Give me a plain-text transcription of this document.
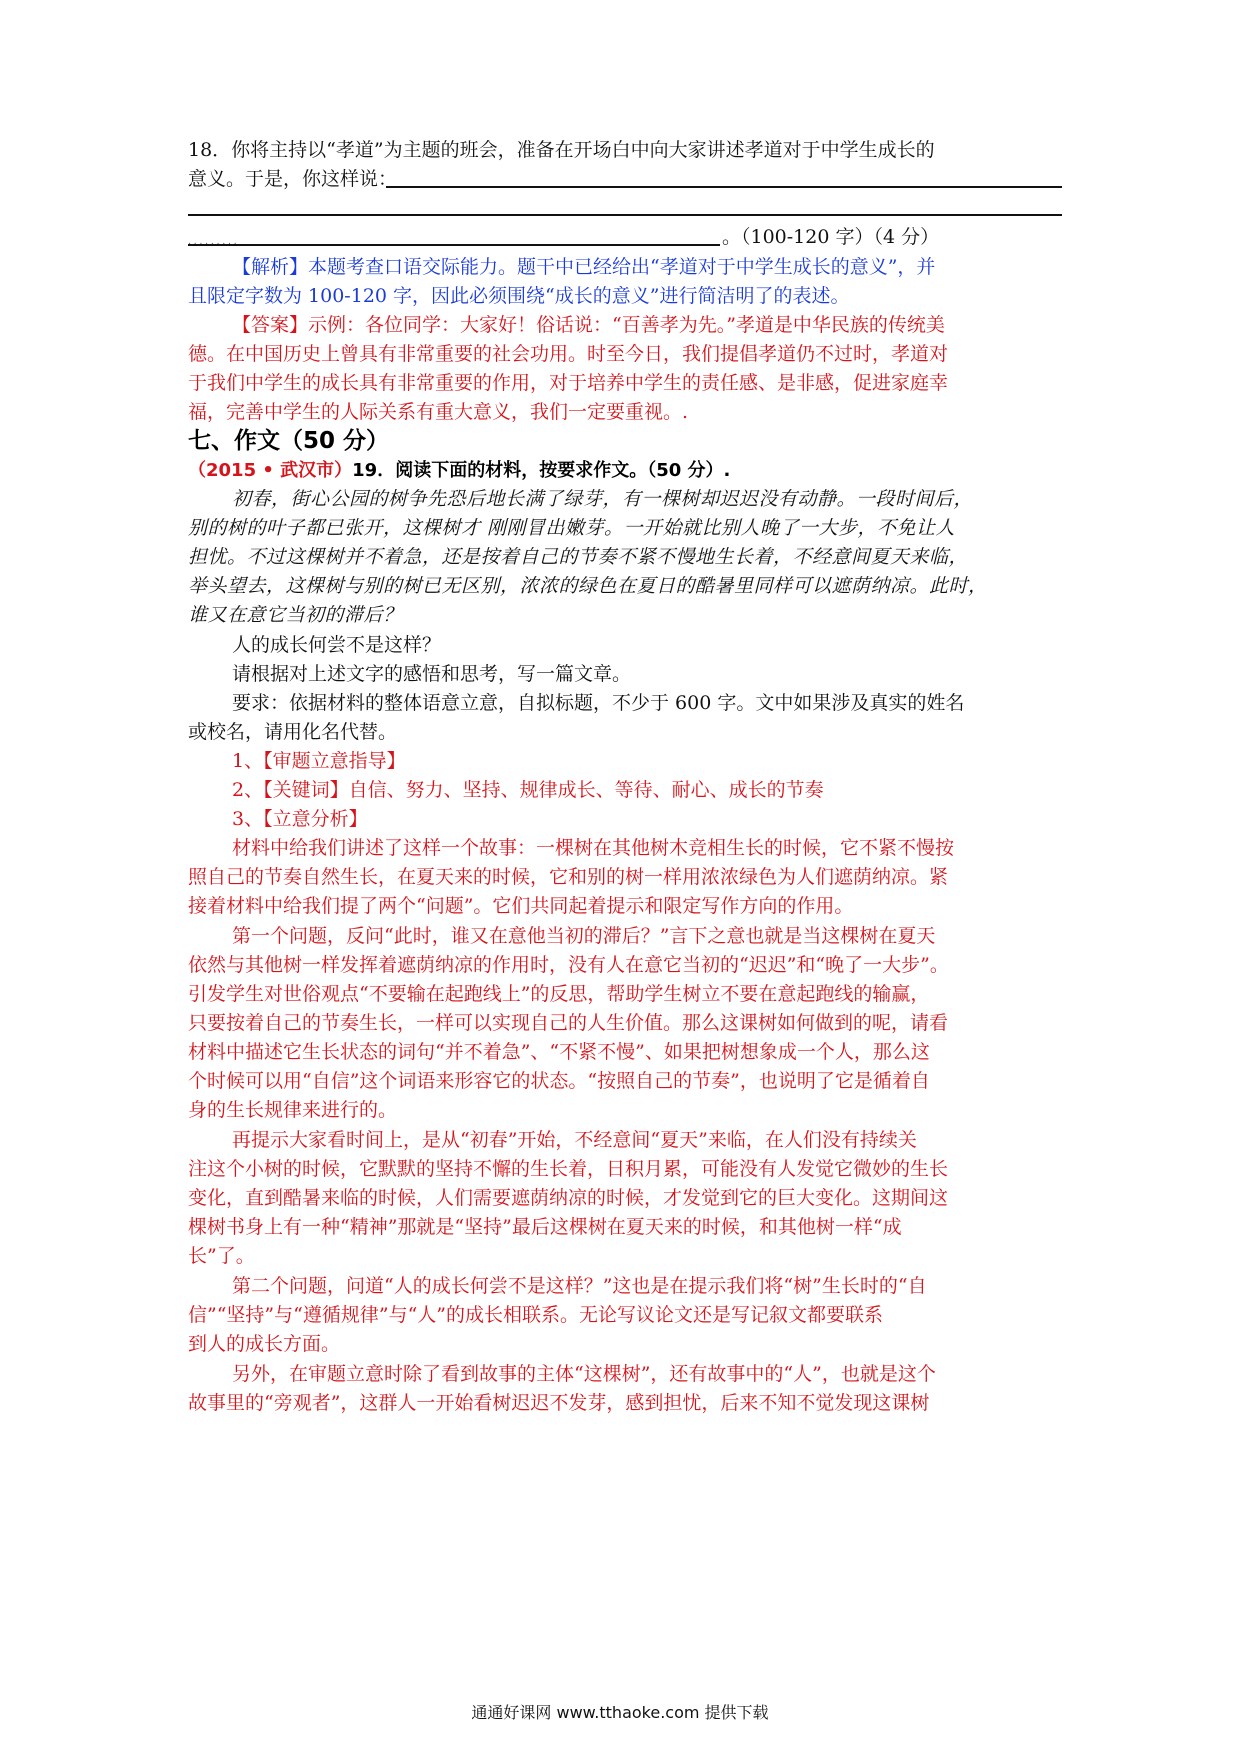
18．你将主持以“孝道”为主题的班会，准备在开场白中向大家讲述孝道对于中学生成长的
意义。于是，你这样说：
. . . . . . . . .	。（100-120 字）（4 分）
【解析】本题考查口语交际能力。题干中已经给出“孝道对于中学生成长的意义”，并
且限定字数为 100-120 字，因此必须围绕“成长的意义”进行简洁明了的表述。
【答案】示例：各位同学：大家好！俗话说：“百善孝为先。”孝道是中华民族的传统美
德。在中国历史上曾具有非常重要的社会功用。时至今日，我们提倡孝道仍不过时，孝道对
于我们中学生的成长具有非常重要的作用，对于培养中学生的责任感、是非感，促进家庭幸
福，完善中学生的人际关系有重大意义，我们一定要重视。.
七、作文（50 分）
（2015 • 武汉市）19．阅读下面的材料，按要求作文。（50 分）.
初春，街心公园的树争先恐后地长满了绿芽，有一棵树却迟迟没有动静。一段时间后，
别的树的叶子都已张开，这棵树才 刚刚冒出嫩芽。一开始就比别人晚了一大步，不免让人
担忧。不过这棵树并不着急，还是按着自己的节奏不紧不慢地生长着，不经意间夏天来临，
举头望去，这棵树与别的树已无区别，浓浓的绿色在夏日的酷暑里同样可以遮荫纳凉。此时，
谁又在意它当初的滞后？
人的成长何尝不是这样？
请根据对上述文字的感悟和思考，写一篇文章。
要求：依据材料的整体语意立意，自拟标题，不少于 600 字。文中如果涉及真实的姓名
或校名，请用化名代替。
1、【审题立意指导】
2、【关键词】自信、努力、坚持、规律成长、等待、耐心、成长的节奏
3、【立意分析】
材料中给我们讲述了这样一个故事：一棵树在其他树木竞相生长的时候，它不紧不慢按
照自己的节奏自然生长，在夏天来的时候，它和别的树一样用浓浓绿色为人们遮荫纳凉。紧
接着材料中给我们提了两个“问题”。它们共同起着提示和限定写作方向的作用。
第一个问题，反问“此时，谁又在意他当初的滞后？”言下之意也就是当这棵树在夏天
依然与其他树一样发挥着遮荫纳凉的作用时，没有人在意它当初的“迟迟”和“晚了一大步”。
引发学生对世俗观点“不要输在起跑线上”的反思，帮助学生树立不要在意起跑线的输赢，
只要按着自己的节奏生长，一样可以实现自己的人生价值。那么这课树如何做到的呢，请看
材料中描述它生长状态的词句“并不着急”、“不紧不慢”、如果把树想象成一个人，那么这
个时候可以用“自信”这个词语来形容它的状态。“按照自己的节奏”，也说明了它是循着自
身的生长规律来进行的。
再提示大家看时间上，是从“初春”开始，不经意间“夏天”来临，在人们没有持续关
注这个小树的时候，它默默的坚持不懈的生长着，日积月累，可能没有人发觉它微妙的生长
变化，直到酷暑来临的时候，人们需要遮荫纳凉的时候，才发觉到它的巨大变化。这期间这
棵树书身上有一种“精神”那就是“坚持”最后这棵树在夏天来的时候，和其他树一样“成
长”了。
第二个问题，问道“人的成长何尝不是这样？”这也是在提示我们将“树”生长时的“自
信”“坚持”与“遵循规律”与“人”的成长相联系。无论写议论文还是写记叙文都要联系
到人的成长方面。
另外，在审题立意时除了看到故事的主体“这棵树”，还有故事中的“人”，也就是这个
故事里的“旁观者”，这群人一开始看树迟迟不发芽，感到担忧，后来不知不觉发现这课树
通通好课网 www.tthaoke.com 提供下载
